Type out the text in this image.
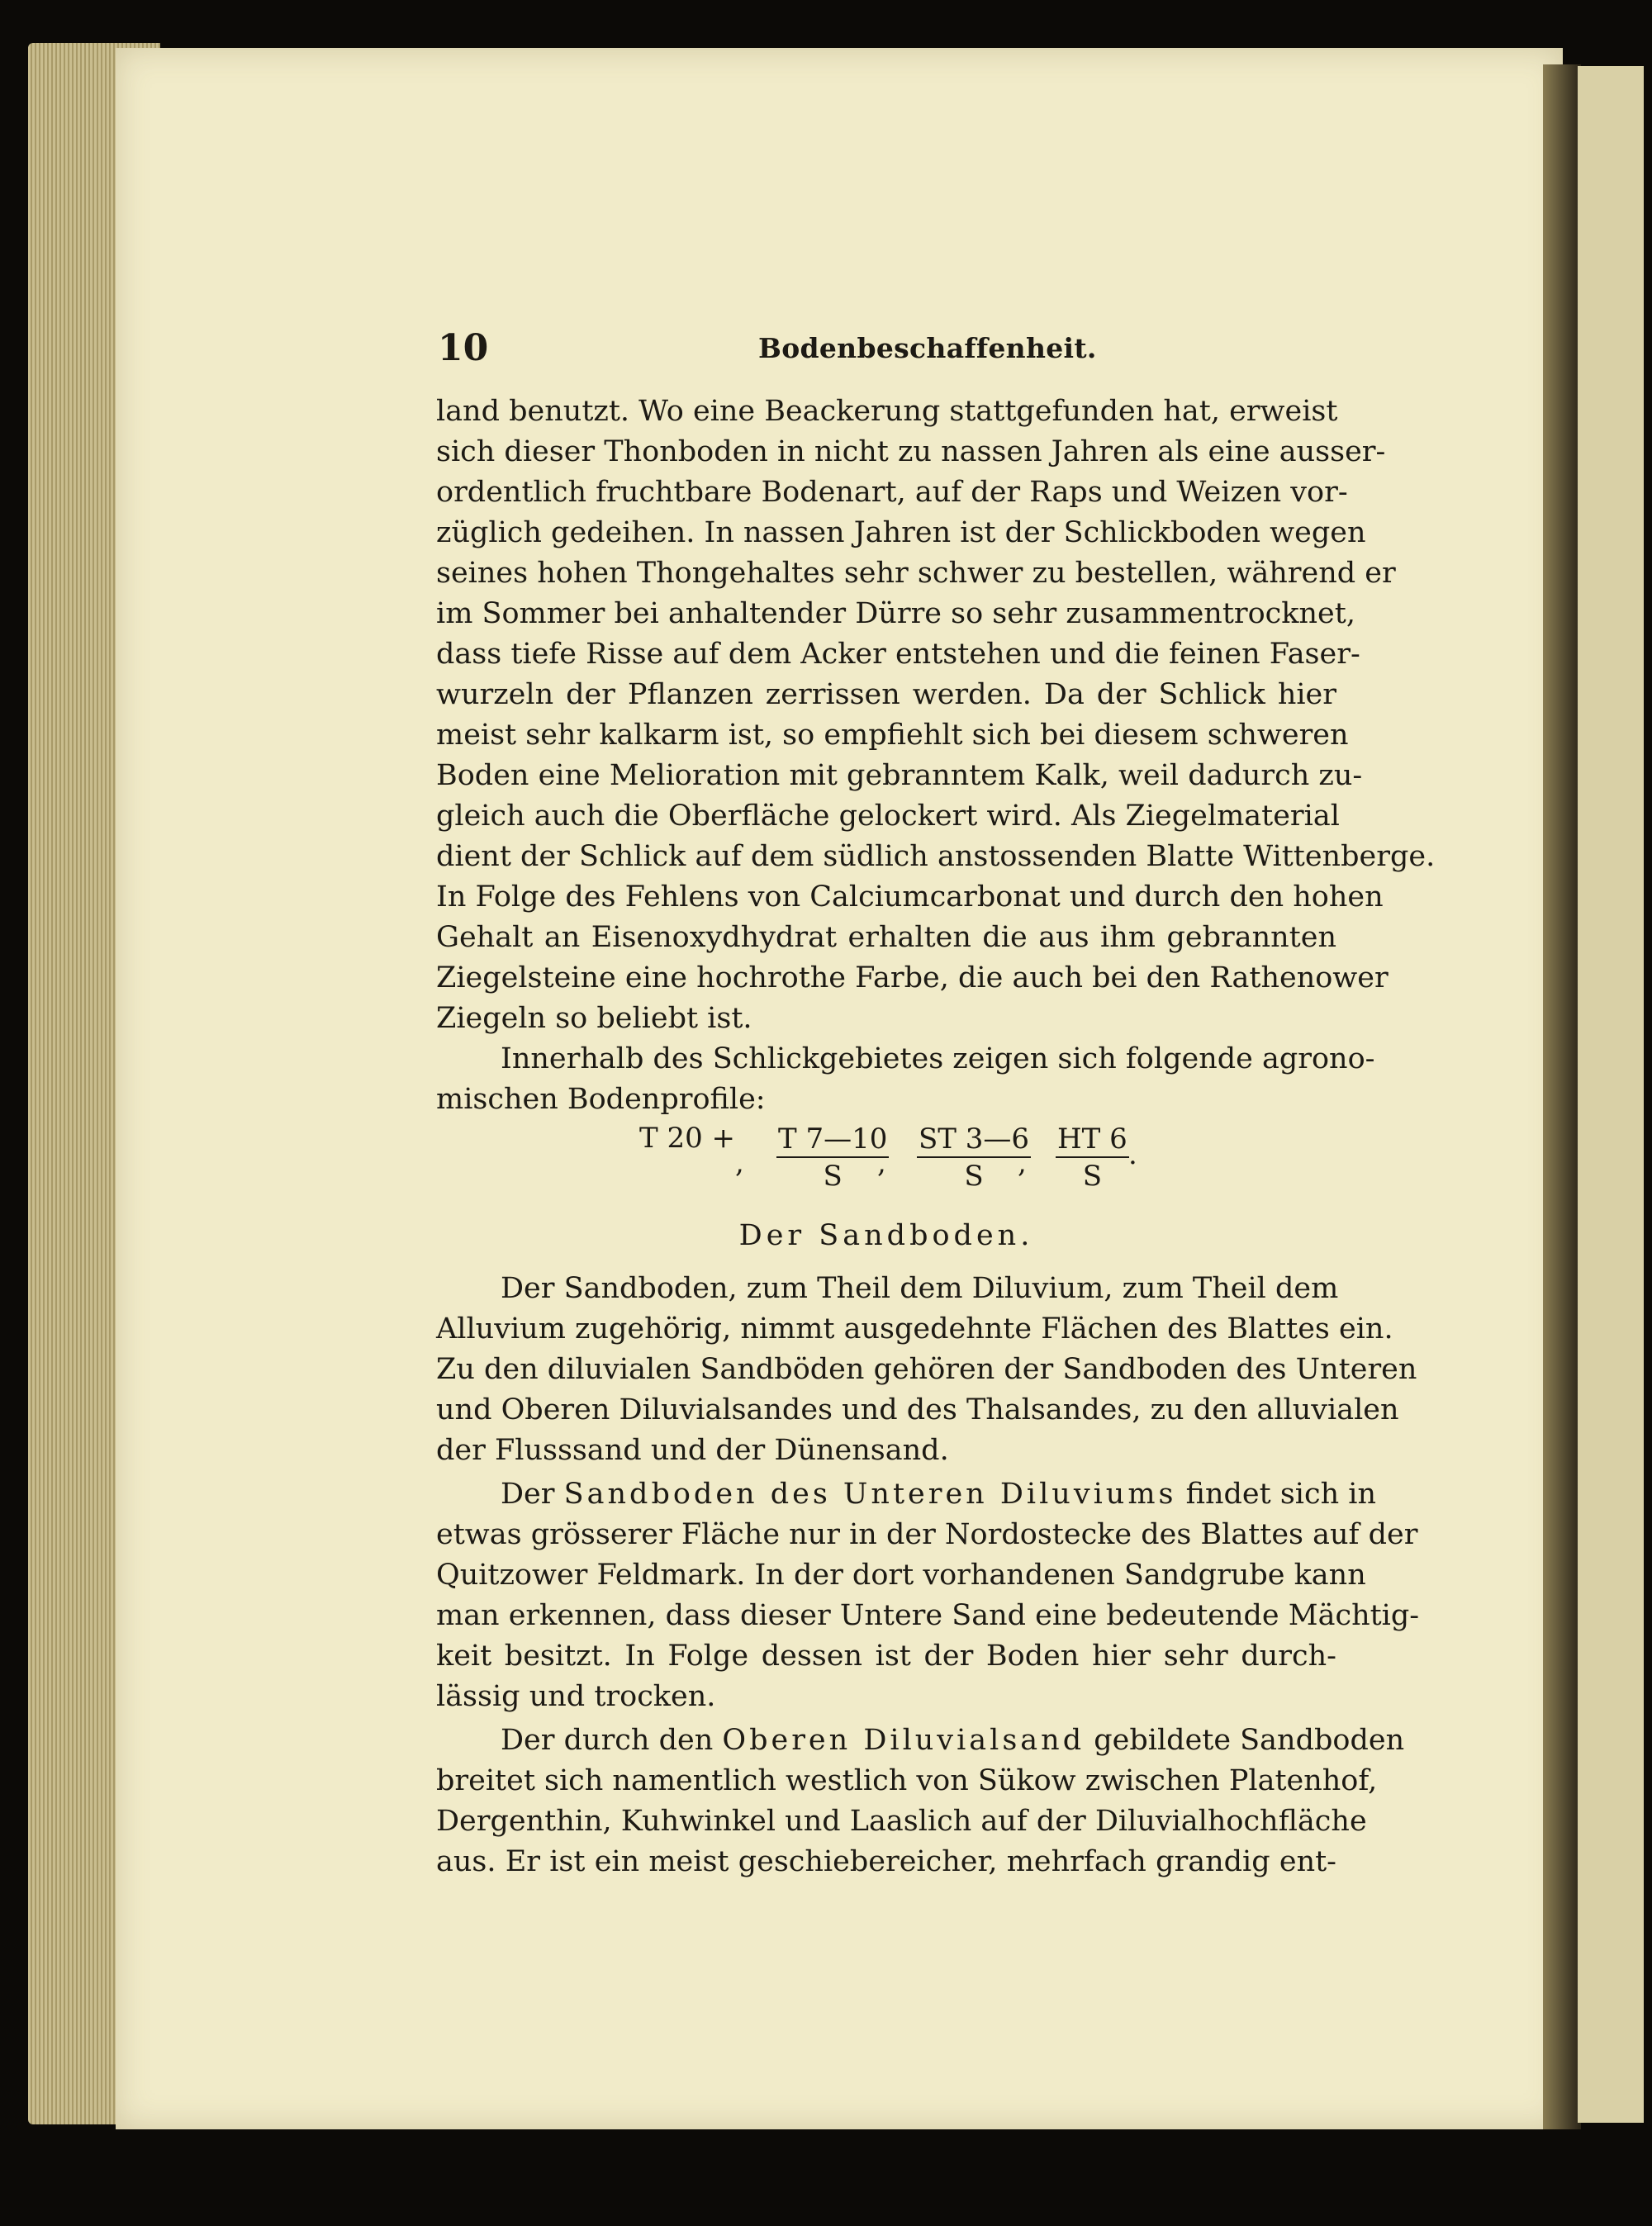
10	Bodenbeschaffenheit.
land benutzt. Wo eine Beackerung stattgefunden hat, erweist
sich dieser Thonboden in nicht zu nassen Jahren als eine ausser-
ordentlich fruchtbare Bodenart, auf der Raps und Weizen vor-
züglich gedeihen. In nassen Jahren ist der Schlickboden wegen
seines hohen Thongehaltes sehr schwer zu bestellen, während er
im Sommer bei anhaltender Dürre so sehr zusammentrocknet,
dass tiefe Risse auf dem Acker entstehen und die feinen Faser-
wurzeln der Pflanzen zerrissen werden. Da der Schlick hier
meist sehr kalkarm ist, so empfiehlt sich bei diesem schweren
Boden eine Melioration mit gebranntem Kalk, weil dadurch zu-
gleich auch die Oberfläche gelockert wird. Als Ziegelmaterial
dient der Schlick auf dem südlich anstossenden Blatte Wittenberge.
In Folge des Fehlens von Calciumcarbonat und durch den hohen
Gehalt an Eisenoxydhydrat erhalten die aus ihm gebrannten
Ziegelsteine eine hochrothe Farbe, die auch bei den Rathenower
Ziegeln so beliebt ist.
Innerhalb des Schlickgebietes zeigen sich folgende agrono-
mischen Bodenprofile:
T 20 +
, $\frac{T 7—10}{S}$
, $\frac{ST 3—6}{S}$
, $\frac{HT 6}{S}$ .
Der Sandboden.
Der Sandboden, zum Theil dem Diluvium, zum Theil dem
Alluvium zugehörig, nimmt ausgedehnte Flächen des Blattes ein.
Zu den diluvialen Sandböden gehören der Sandboden des Unteren
und Oberen Diluvialsandes und des Thalsandes, zu den alluvialen
der Flusssand und der Dünensand.
Der Sandboden des Unteren Diluviums findet sich in
etwas grösserer Fläche nur in der Nordostecke des Blattes auf der
Quitzower Feldmark. In der dort vorhandenen Sandgrube kann
man erkennen, dass dieser Untere Sand eine bedeutende Mächtig-
keit besitzt. In Folge dessen ist der Boden hier sehr durch-
lässig und trocken.
Der durch den Oberen Diluvialsand gebildete Sandboden
breitet sich namentlich westlich von Sükow zwischen Platenhof,
Dergenthin, Kuhwinkel und Laaslich auf der Diluvialhochfläche
aus. Er ist ein meist geschiebereicher, mehrfach grandig ent-
